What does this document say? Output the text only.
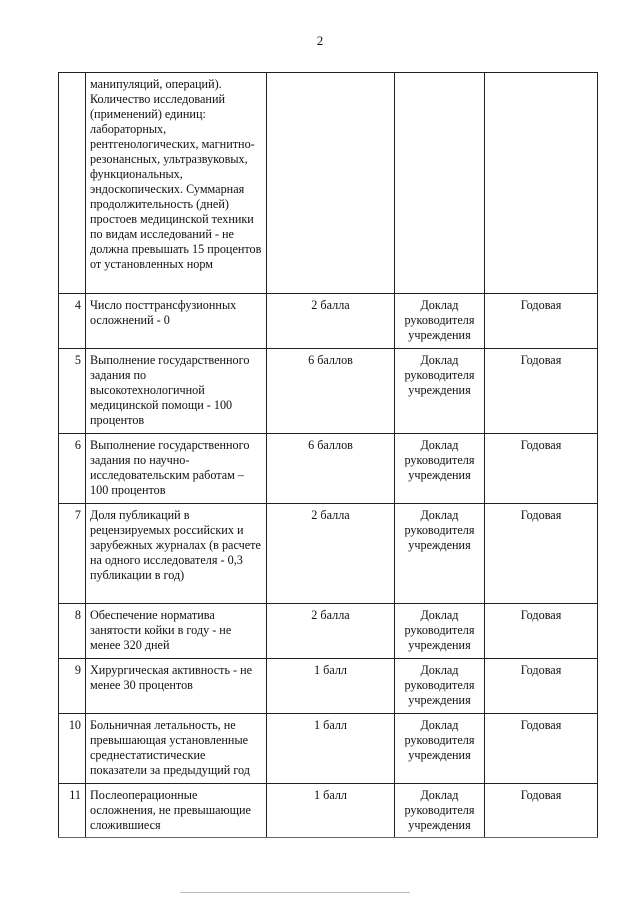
2
	манипуляций, операций). Количество исследований (применений) единиц: лабораторных, рентгенологических, магнитно-резонансных, ультразвуковых, функциональных, эндоскопических. Суммарная продолжительность (дней) простоев медицинской техники по видам исследований - не должна превышать 15 процентов от установленных норм			
4	Число посттрансфузионных осложнений - 0	2 балла	Доклад руководителя учреждения	Годовая
5	Выполнение государственного задания по высокотехнологичной медицинской помощи - 100 процентов	6 баллов	Доклад руководителя учреждения	Годовая
6	Выполнение государственного задания по научно-исследовательским работам – 100 процентов	6 баллов	Доклад руководителя учреждения	Годовая
7	Доля публикаций в рецензируемых российских и зарубежных журналах (в расчете на одного исследователя - 0,3 публикации в год)	2 балла	Доклад руководителя учреждения	Годовая
8	Обеспечение норматива занятости койки в году - не менее 320 дней	2 балла	Доклад руководителя учреждения	Годовая
9	Хирургическая активность - не менее 30 процентов	1 балл	Доклад руководителя учреждения	Годовая
10	Больничная летальность, не превышающая установленные среднестатистические показатели за предыдущий год	1 балл	Доклад руководителя учреждения	Годовая
11	Послеоперационные осложнения, не превышающие сложившиеся	1 балл	Доклад руководителя учреждения	Годовая
